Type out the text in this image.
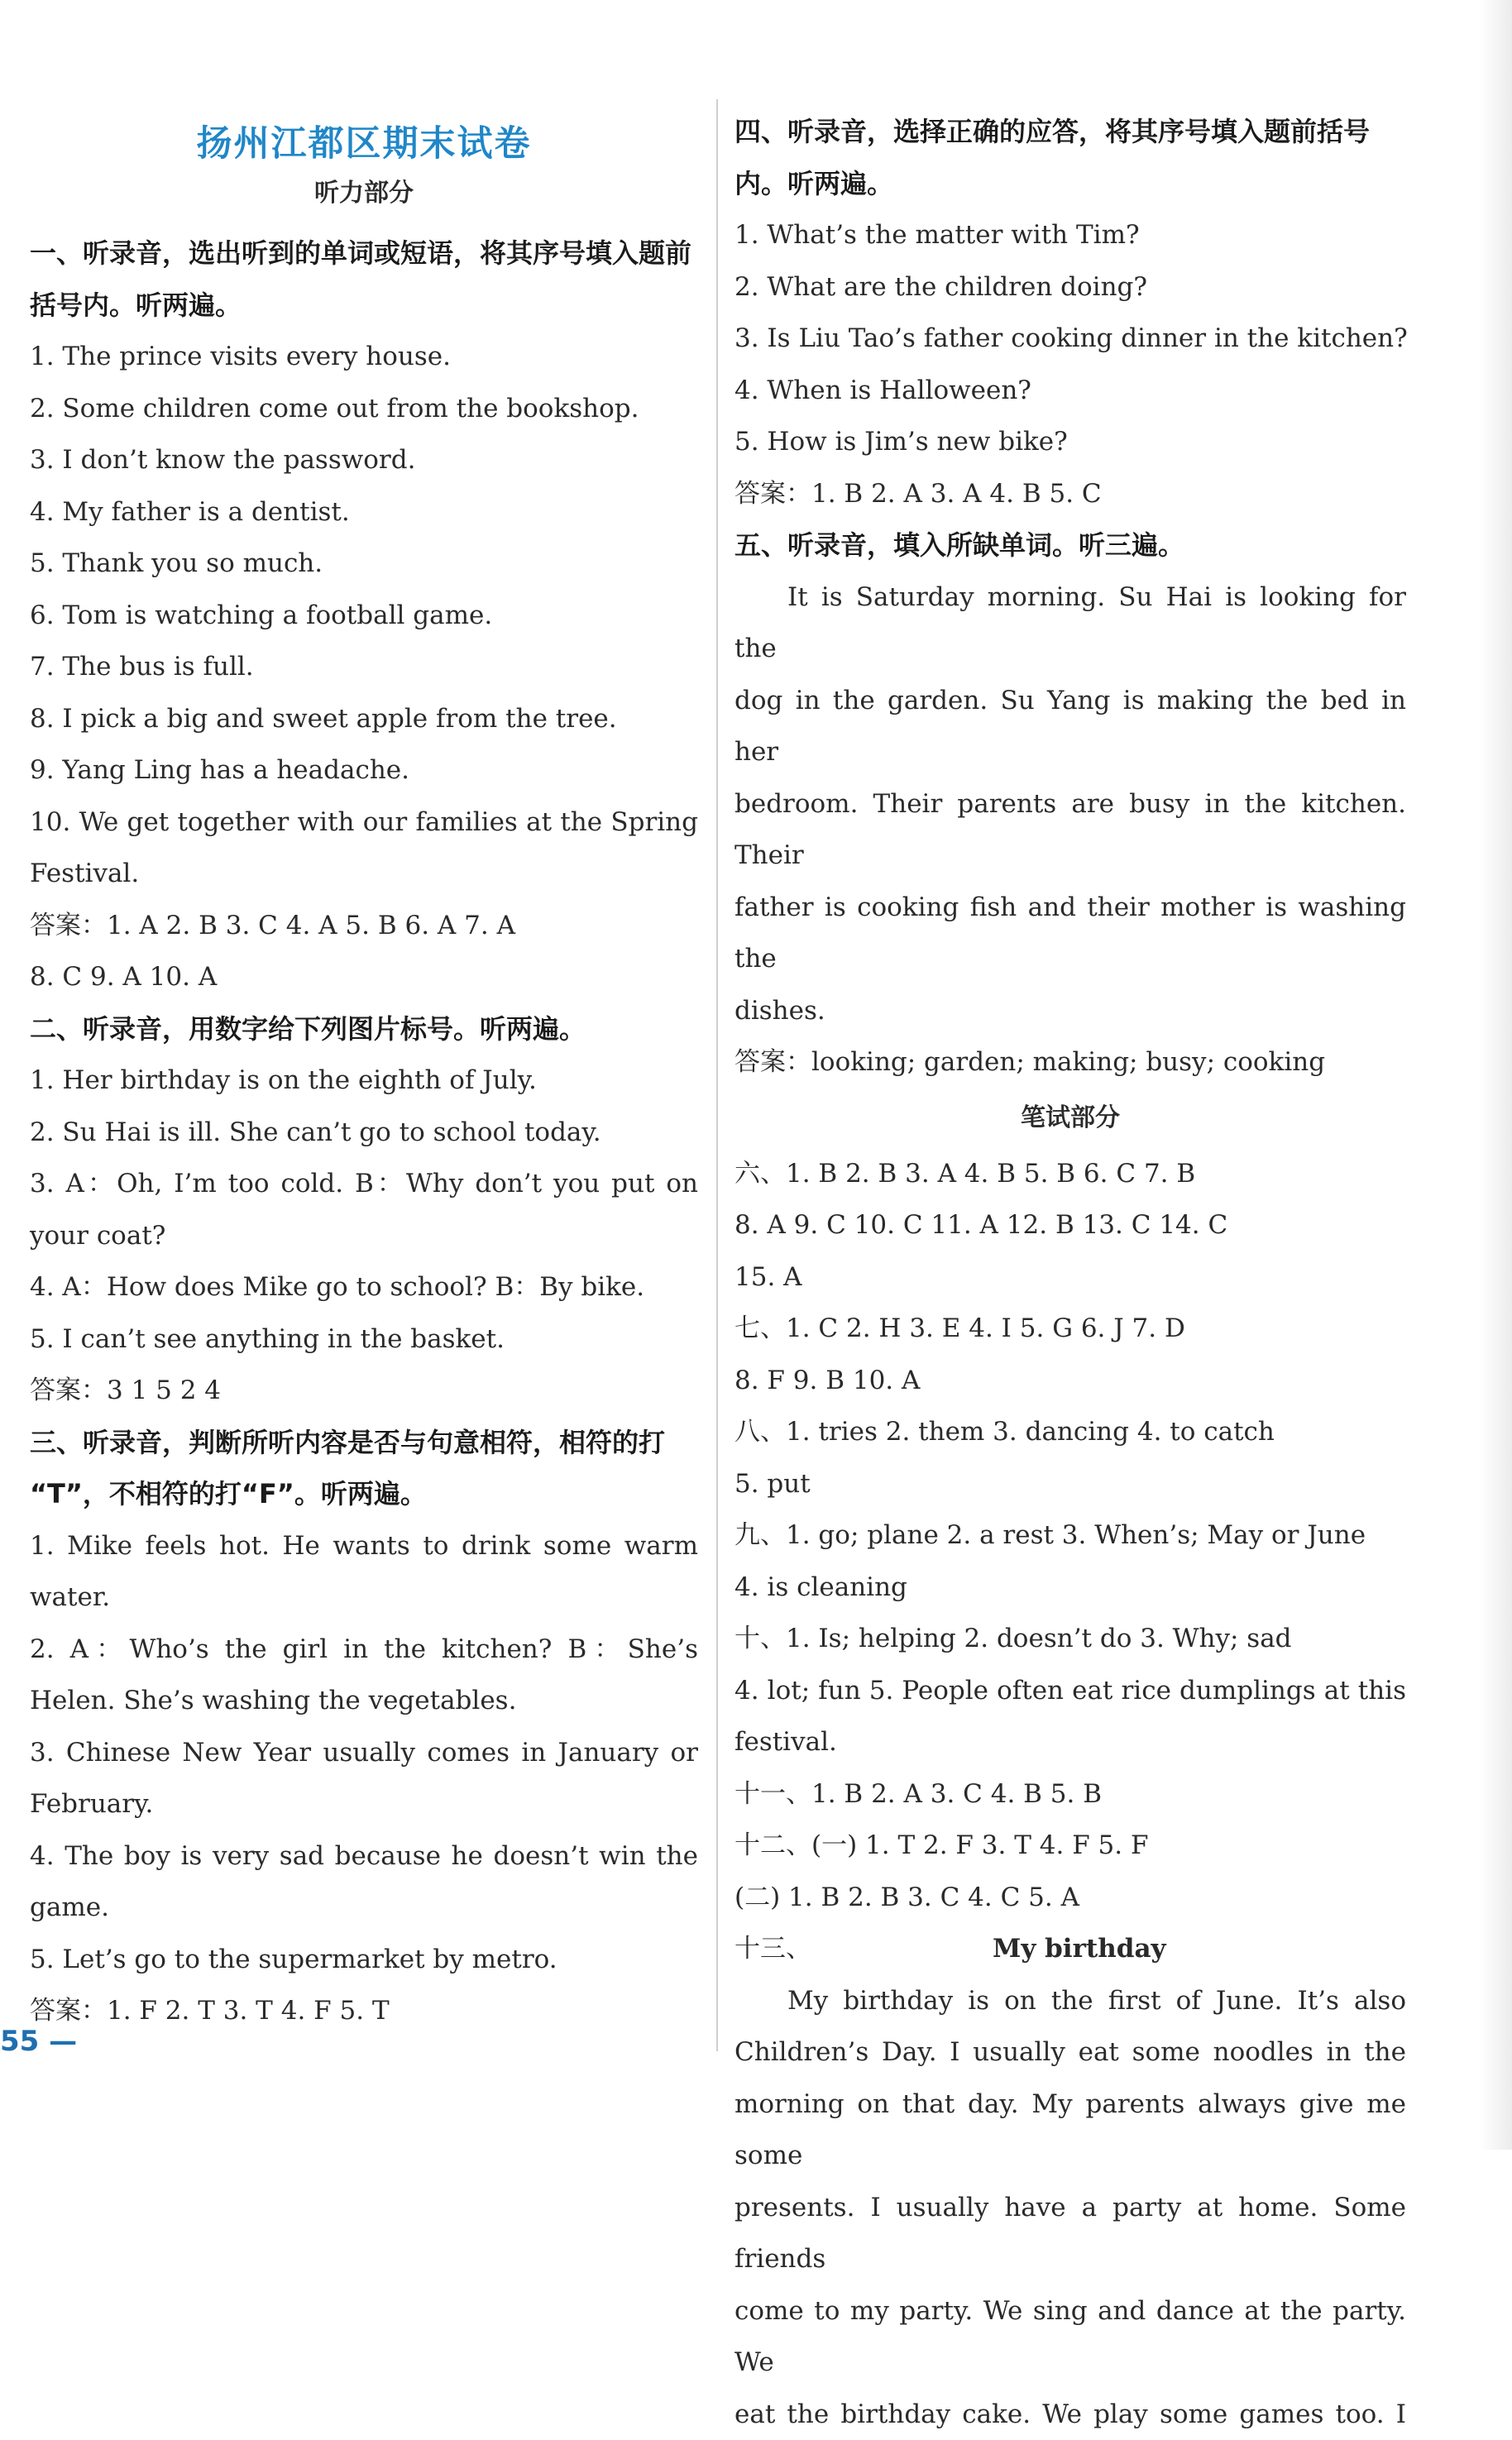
扬州江都区期末试卷

听力部分

一、听录音，选出听到的单词或短语，将其序号填入题前

括号内。听两遍。

1. The prince visits every house.

2. Some children come out from the bookshop.

3. I don’t know the password.

4. My father is a dentist.

5. Thank you so much.

6. Tom is watching a football game.

7. The bus is full.

8. I pick a big and sweet apple from the tree.

9. Yang Ling has a headache.

10. We get together with our families at the Spring

Festival.

答案：1. A 2. B 3. C 4. A 5. B 6. A 7. A

8. C 9. A 10. A

二、听录音，用数字给下列图片标号。听两遍。

1. Her birthday is on the eighth of July.

2. Su Hai is ill. She can’t go to school today.

3. A：Oh, I’m too cold. B：Why don’t you put on

your coat?

4. A：How does Mike go to school? B：By bike.

5. I can’t see anything in the basket.

答案：3 1 5 2 4

三、听录音，判断所听内容是否与句意相符，相符的打

“T”，不相符的打“F”。听两遍。

1. Mike feels hot. He wants to drink some warm

water.

2. A：Who’s the girl in the kitchen? B：She’s

Helen. She’s washing the vegetables.

3. Chinese New Year usually comes in January or

February.

4. The boy is very sad because he doesn’t win the

game.

5. Let’s go to the supermarket by metro.

答案：1. F 2. T 3. T 4. F 5. T

四、听录音，选择正确的应答，将其序号填入题前括号

内。听两遍。

1. What’s the matter with Tim?

2. What are the children doing?

3. Is Liu Tao’s father cooking dinner in the kitchen?

4. When is Halloween?

5. How is Jim’s new bike?

答案：1. B 2. A 3. A 4. B 5. C

五、听录音，填入所缺单词。听三遍。

It is Saturday morning. Su Hai is looking for the

dog in the garden. Su Yang is making the bed in her

bedroom. Their parents are busy in the kitchen. Their

father is cooking fish and their mother is washing the

dishes.

答案：looking; garden; making; busy; cooking

笔试部分

六、1. B 2. B 3. A 4. B 5. B 6. C 7. B

8. A 9. C 10. C 11. A 12. B 13. C 14. C

15. A

七、1. C 2. H 3. E 4. I 5. G 6. J 7. D

8. F 9. B 10. A

八、1. tries 2. them 3. dancing 4. to catch

5. put

九、1. go; plane 2. a rest 3. When’s; May or June

4. is cleaning

十、1. Is; helping 2. doesn’t do 3. Why; sad

4. lot; fun 5. People often eat rice dumplings at this

festival.

十一、1. B 2. A 3. C 4. B 5. B

十二、(一) 1. T 2. F 3. T 4. F 5. F

(二) 1. B 2. B 3. C 4. C 5. A

十三、	My birthday

My birthday is on the first of June. It’s also

Children’s Day. I usually eat some noodles in the

morning on that day. My parents always give me some

presents. I usually have a party at home. Some friends

come to my party. We sing and dance at the party. We

eat the birthday cake. We play some games too. I

55 —
